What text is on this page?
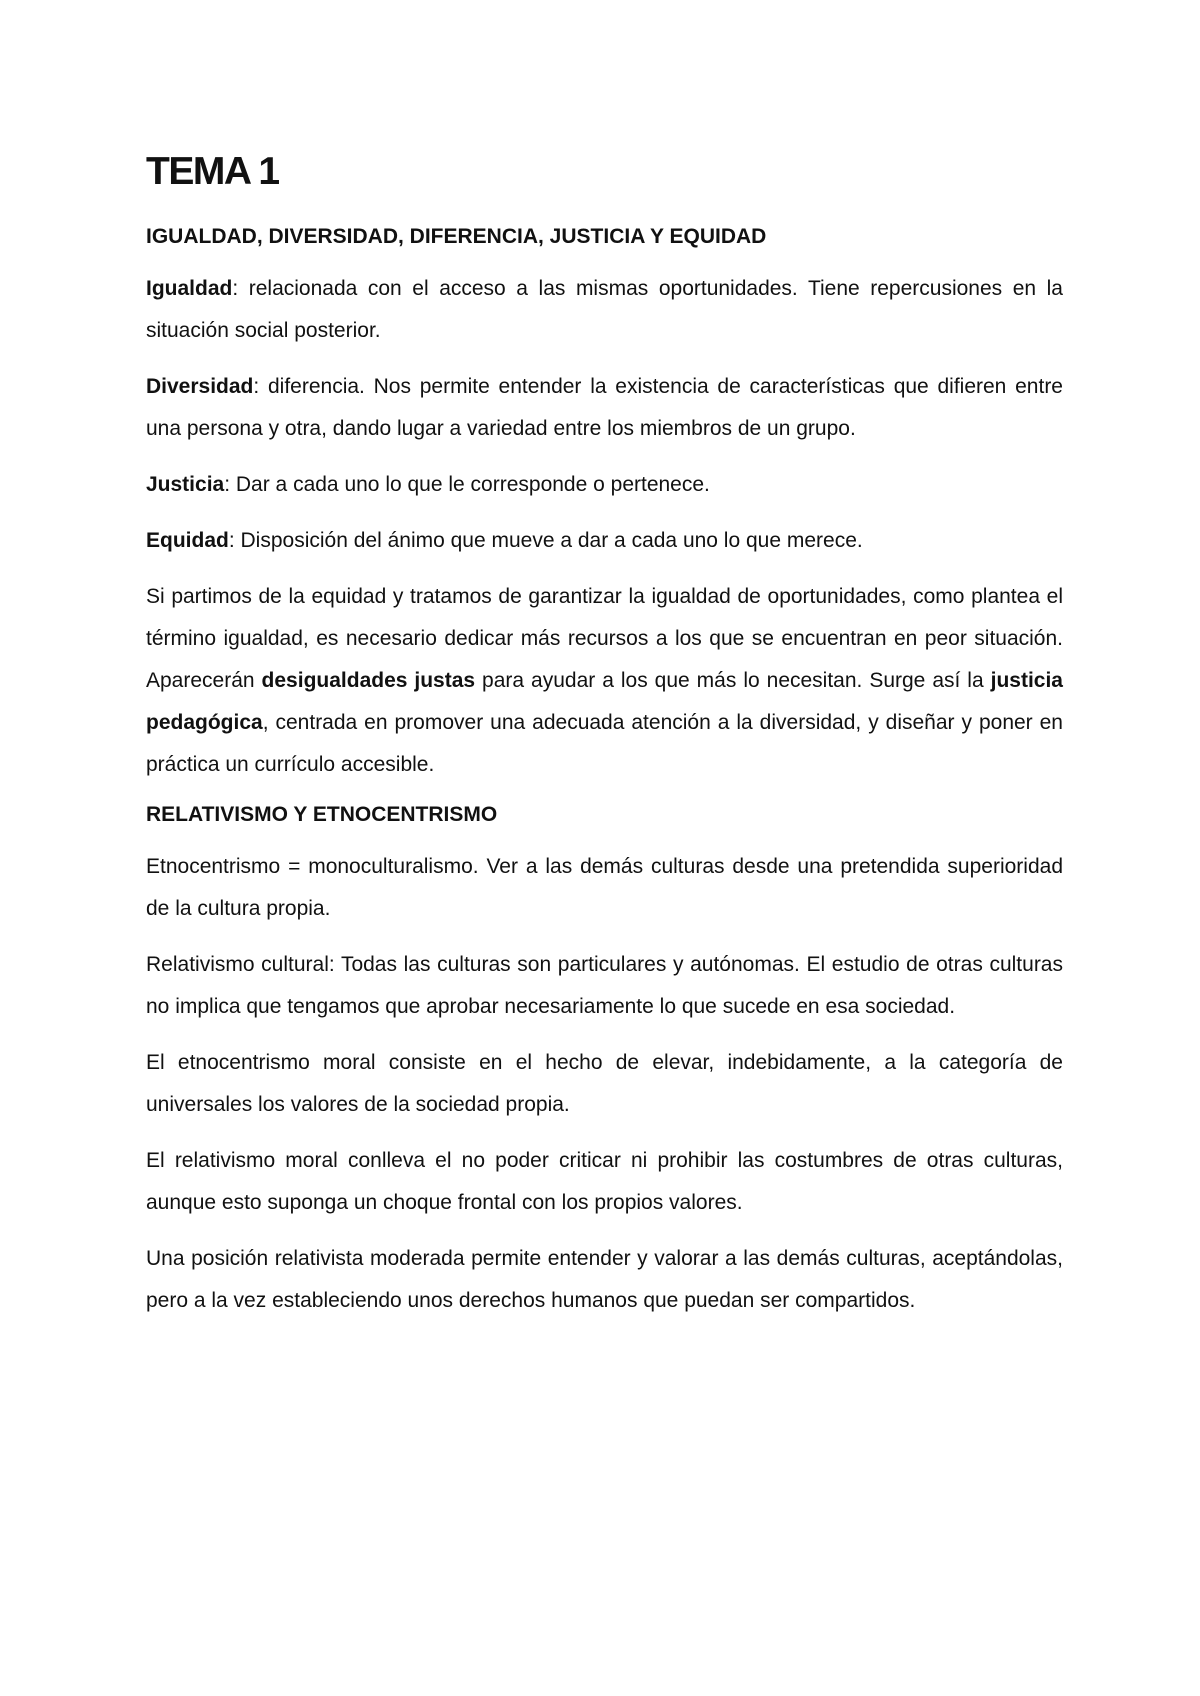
TEMA 1
IGUALDAD, DIVERSIDAD, DIFERENCIA, JUSTICIA Y EQUIDAD

Igualdad: relacionada con el acceso a las mismas oportunidades. Tiene repercusiones en la situación social posterior.

Diversidad: diferencia. Nos permite entender la existencia de características que difieren entre una persona y otra, dando lugar a variedad entre los miembros de un grupo.

Justicia: Dar a cada uno lo que le corresponde o pertenece.

Equidad: Disposición del ánimo que mueve a dar a cada uno lo que merece.

Si partimos de la equidad y tratamos de garantizar la igualdad de oportunidades, como plantea el término igualdad, es necesario dedicar más recursos a los que se encuentran en peor situación. Aparecerán desigualdades justas para ayudar a los que más lo necesitan. Surge así la justicia pedagógica, centrada en promover una adecuada atención a la diversidad, y diseñar y poner en práctica un currículo accesible.

RELATIVISMO Y ETNOCENTRISMO

Etnocentrismo = monoculturalismo. Ver a las demás culturas desde una pretendida superioridad de la cultura propia.

Relativismo cultural: Todas las culturas son particulares y autónomas. El estudio de otras culturas no implica que tengamos que aprobar necesariamente lo que sucede en esa sociedad.

El etnocentrismo moral consiste en el hecho de elevar, indebidamente, a la categoría de universales los valores de la sociedad propia.

El relativismo moral conlleva el no poder criticar ni prohibir las costumbres de otras culturas, aunque esto suponga un choque frontal con los propios valores.

Una posición relativista moderada permite entender y valorar a las demás culturas, aceptándolas, pero a la vez estableciendo unos derechos humanos que puedan ser compartidos.
